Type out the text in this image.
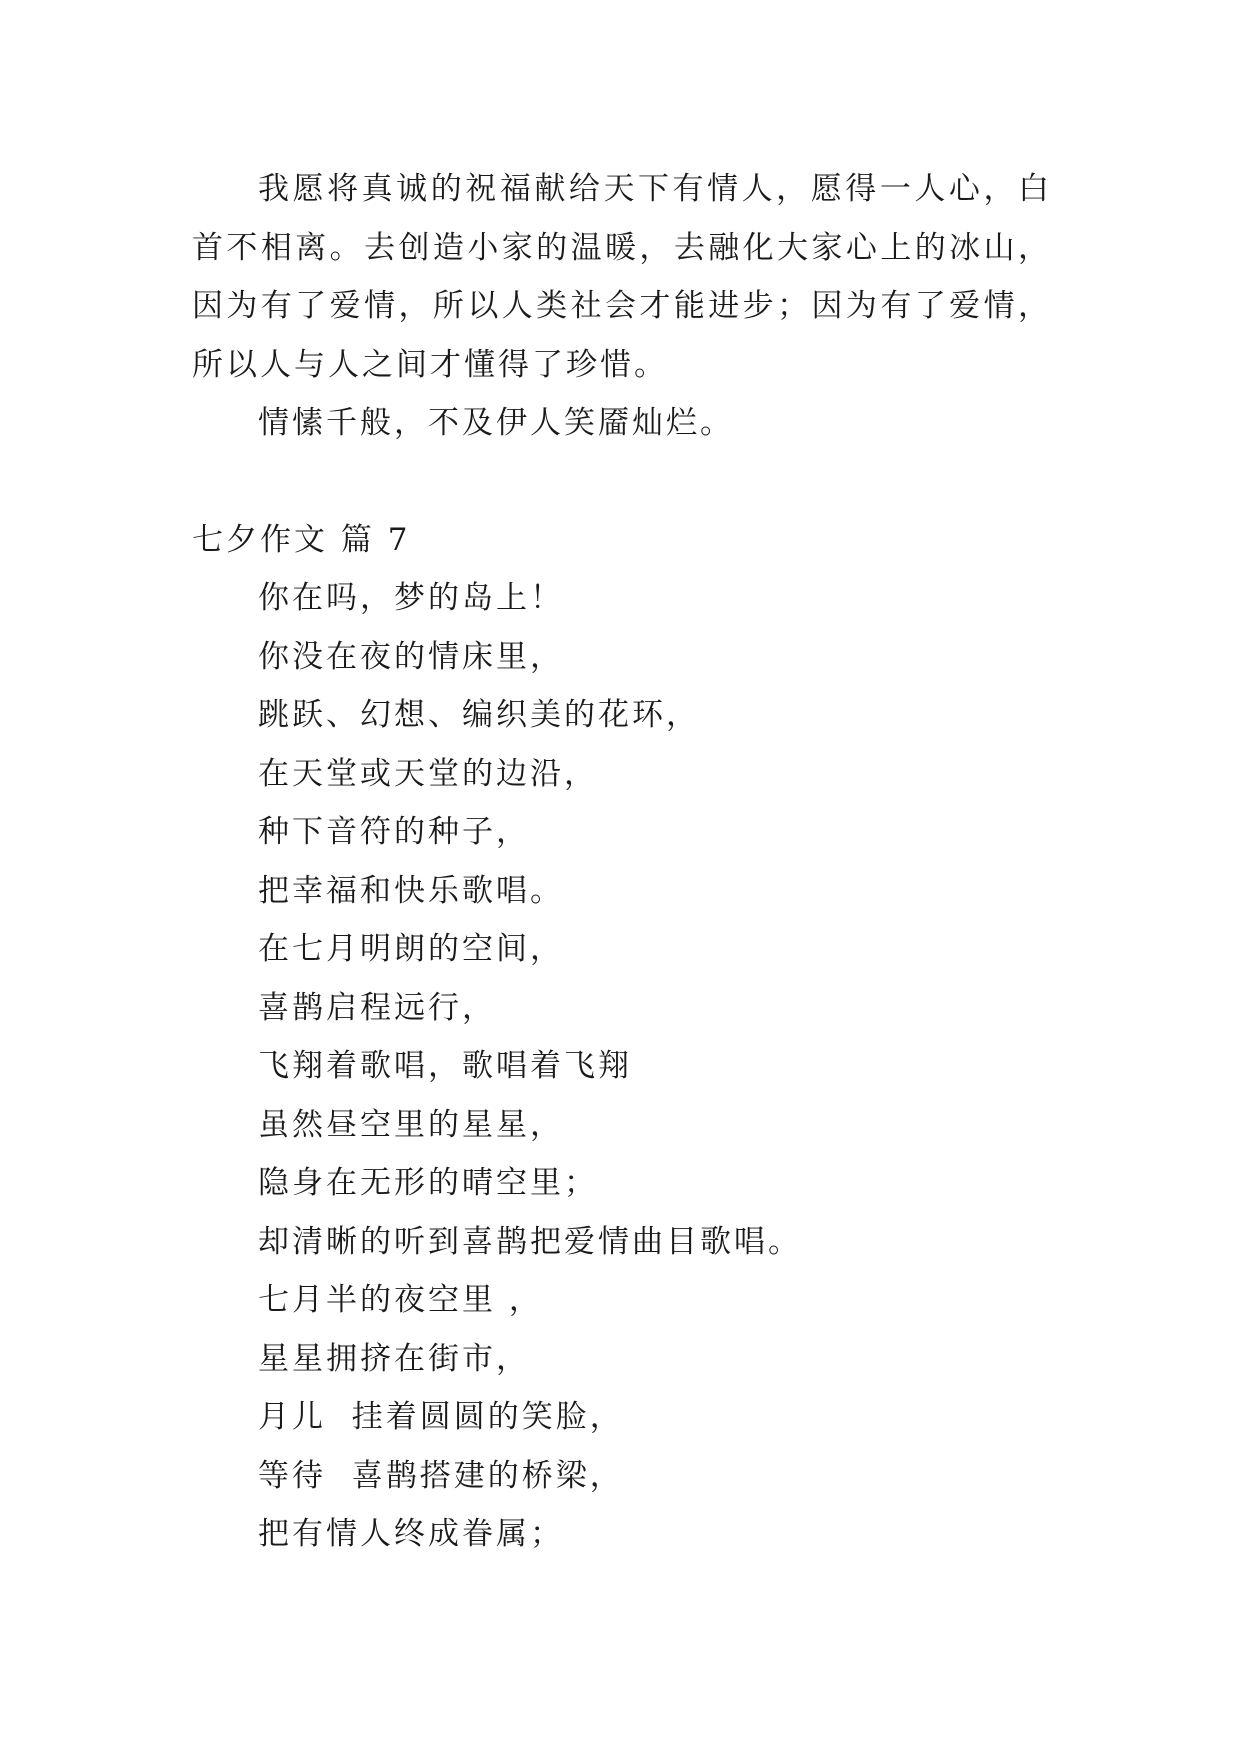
我愿将真诚的祝福献给天下有情人，愿得一人心，白首不相离。去创造小家的温暖，去融化大家心上的冰山，因为有了爱情，所以人类社会才能进步；因为有了爱情，所以人与人之间才懂得了珍惜。

情愫千般，不及伊人笑靥灿烂。

七夕作文 篇 7

你在吗，梦的岛上！

你没在夜的情床里，

跳跃、幻想、编织美的花环，

在天堂或天堂的边沿，

种下音符的种子，

把幸福和快乐歌唱。

在七月明朗的空间，

喜鹊启程远行，

飞翔着歌唱，歌唱着飞翔

虽然昼空里的星星，

隐身在无形的晴空里；

却清晰的听到喜鹊把爱情曲目歌唱。

七月半的夜空里 ，

星星拥挤在街市，

月儿  挂着圆圆的笑脸，

等待  喜鹊搭建的桥梁，

把有情人终成眷属；
